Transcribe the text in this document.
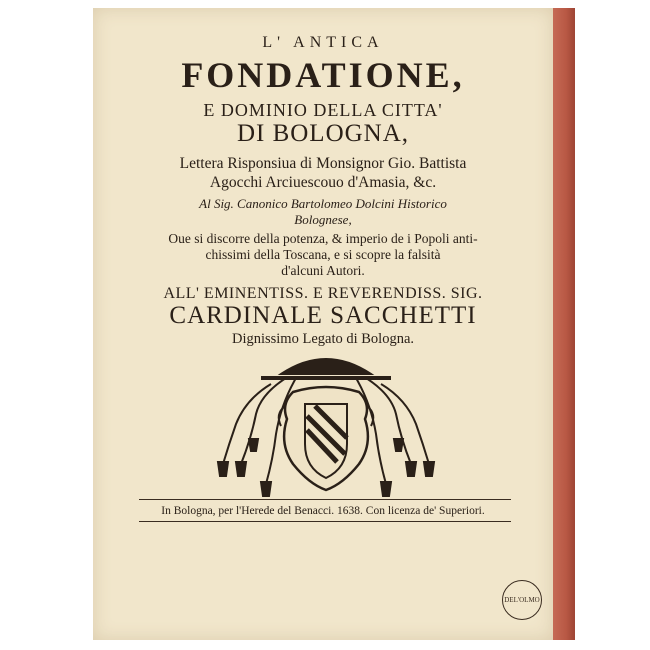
L' ANTICA
FONDATIONE,
E DOMINIO DELLA CITTA'
DI BOLOGNA,
Lettera Risponsiua di Monsignor Gio. Battista
Agocchi Arciuescouo d'Amasia, &c.
Al Sig. Canonico Bartolomeo Dolcini Historico
Bolognese,
Oue si discorre della potenza, & imperio de i Popoli anti-
chissimi della Toscana, e si scopre la falsità
d'alcuni Autori.
ALL' EMINENTISS. E REVERENDISS. SIG.
CARDINALE SACCHETTI
Dignissimo Legato di Bologna.
In Bologna, per l'Herede del Benacci. 1638. Con licenza de' Superiori.
DEL'OLMO
